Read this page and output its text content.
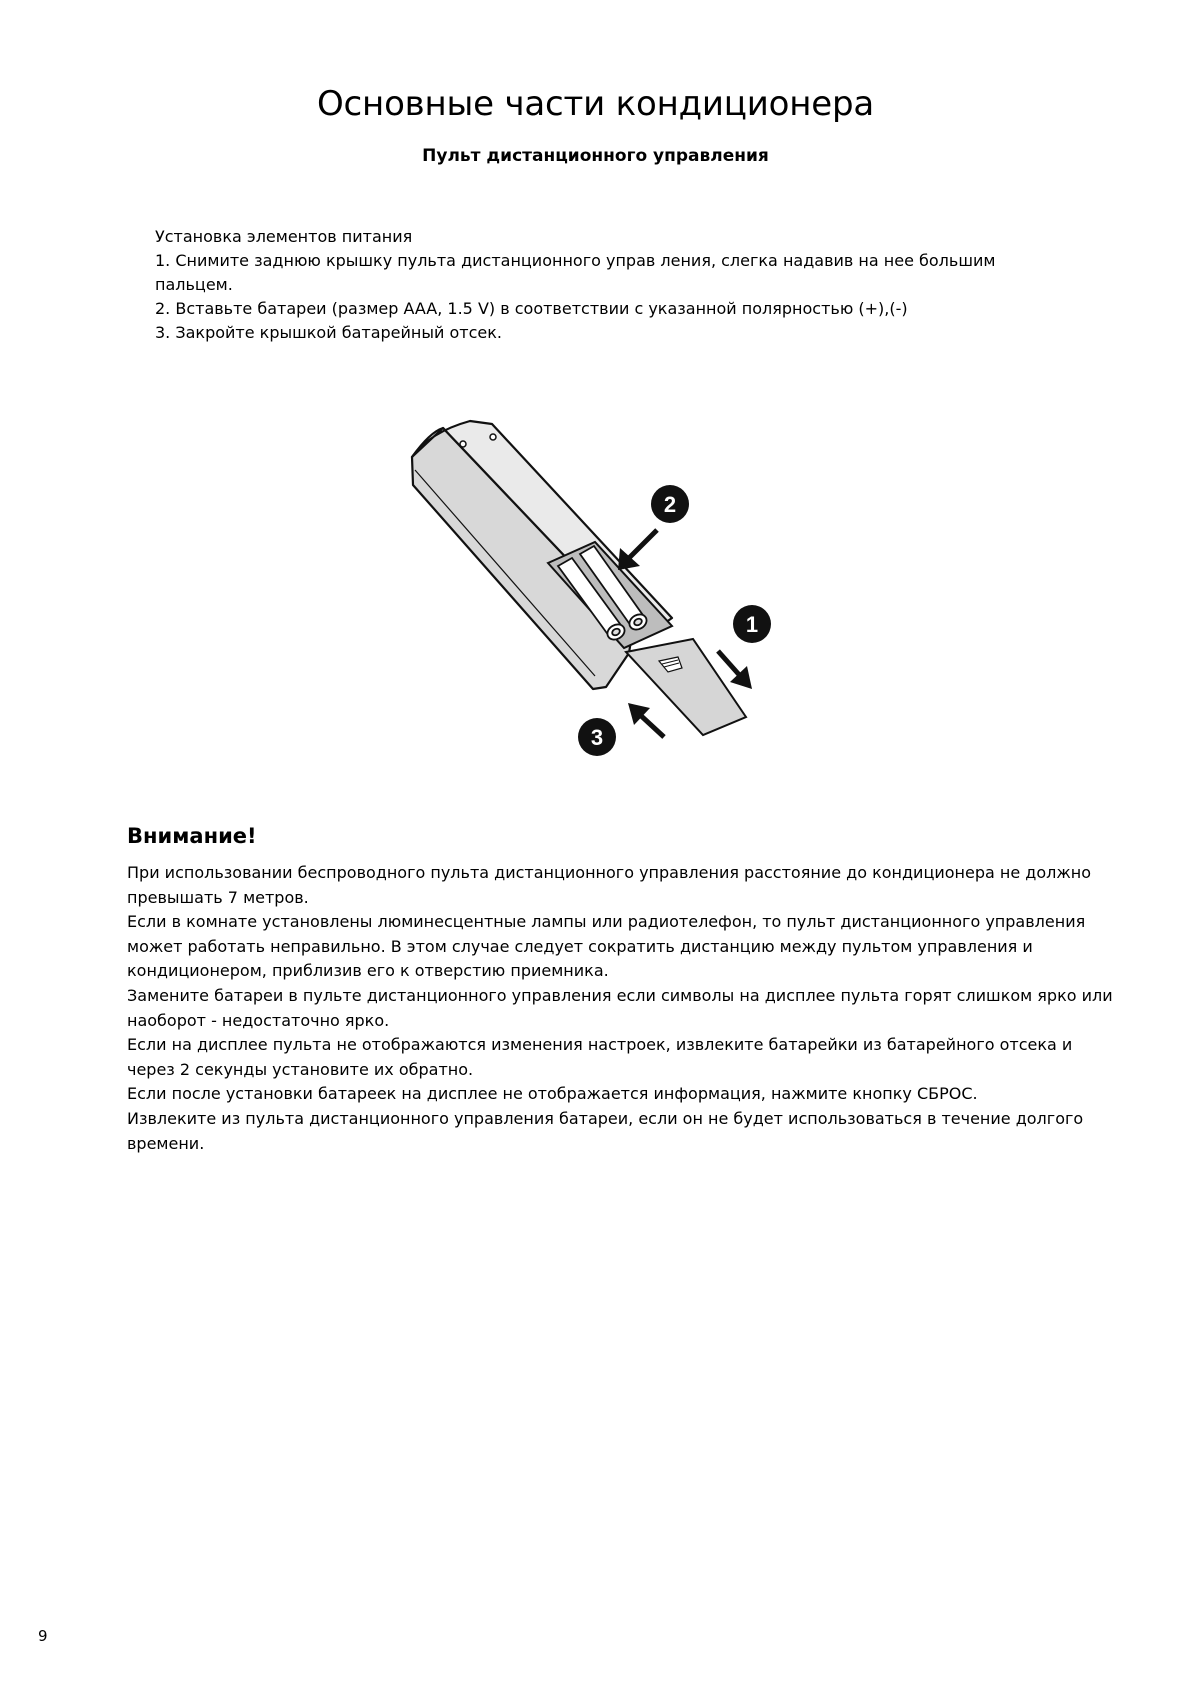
Основные части кондиционера
Пульт дистанционного управления

Установка элементов питания

1. Снимите заднюю крышку пульта дистанционного управ ления, слегка надавив на нее большим пальцем.

2. Вставьте батареи (размер AAA, 1.5 V) в соответствии с указанной полярностью (+),(-)

3. Закройте крышкой батарейный отсек.

2
1
3
Внимание!

При использовании беспроводного пульта дистанционного управления расстояние до кондиционера не должно превышать 7 метров.

Если в комнате установлены люминесцентные лампы или радиотелефон, то пульт дистанционного управления может работать неправильно. В этом случае следует сократить дистанцию между пультом управления и кондиционером, приблизив его к отверстию приемника.

Замените батареи в пульте дистанционного управления если символы на дисплее пульта горят слишком ярко или наоборот - недостаточно ярко.

Если на дисплее пульта не отображаются изменения настроек, извлеките батарейки из батарейного отсека и через 2 секунды установите их обратно.

Если после установки батареек на дисплее не отображается информация, нажмите кнопку СБРОС.

Извлеките из пульта дистанционного управления батареи, если он не будет использоваться в течение долгого времени.

9
